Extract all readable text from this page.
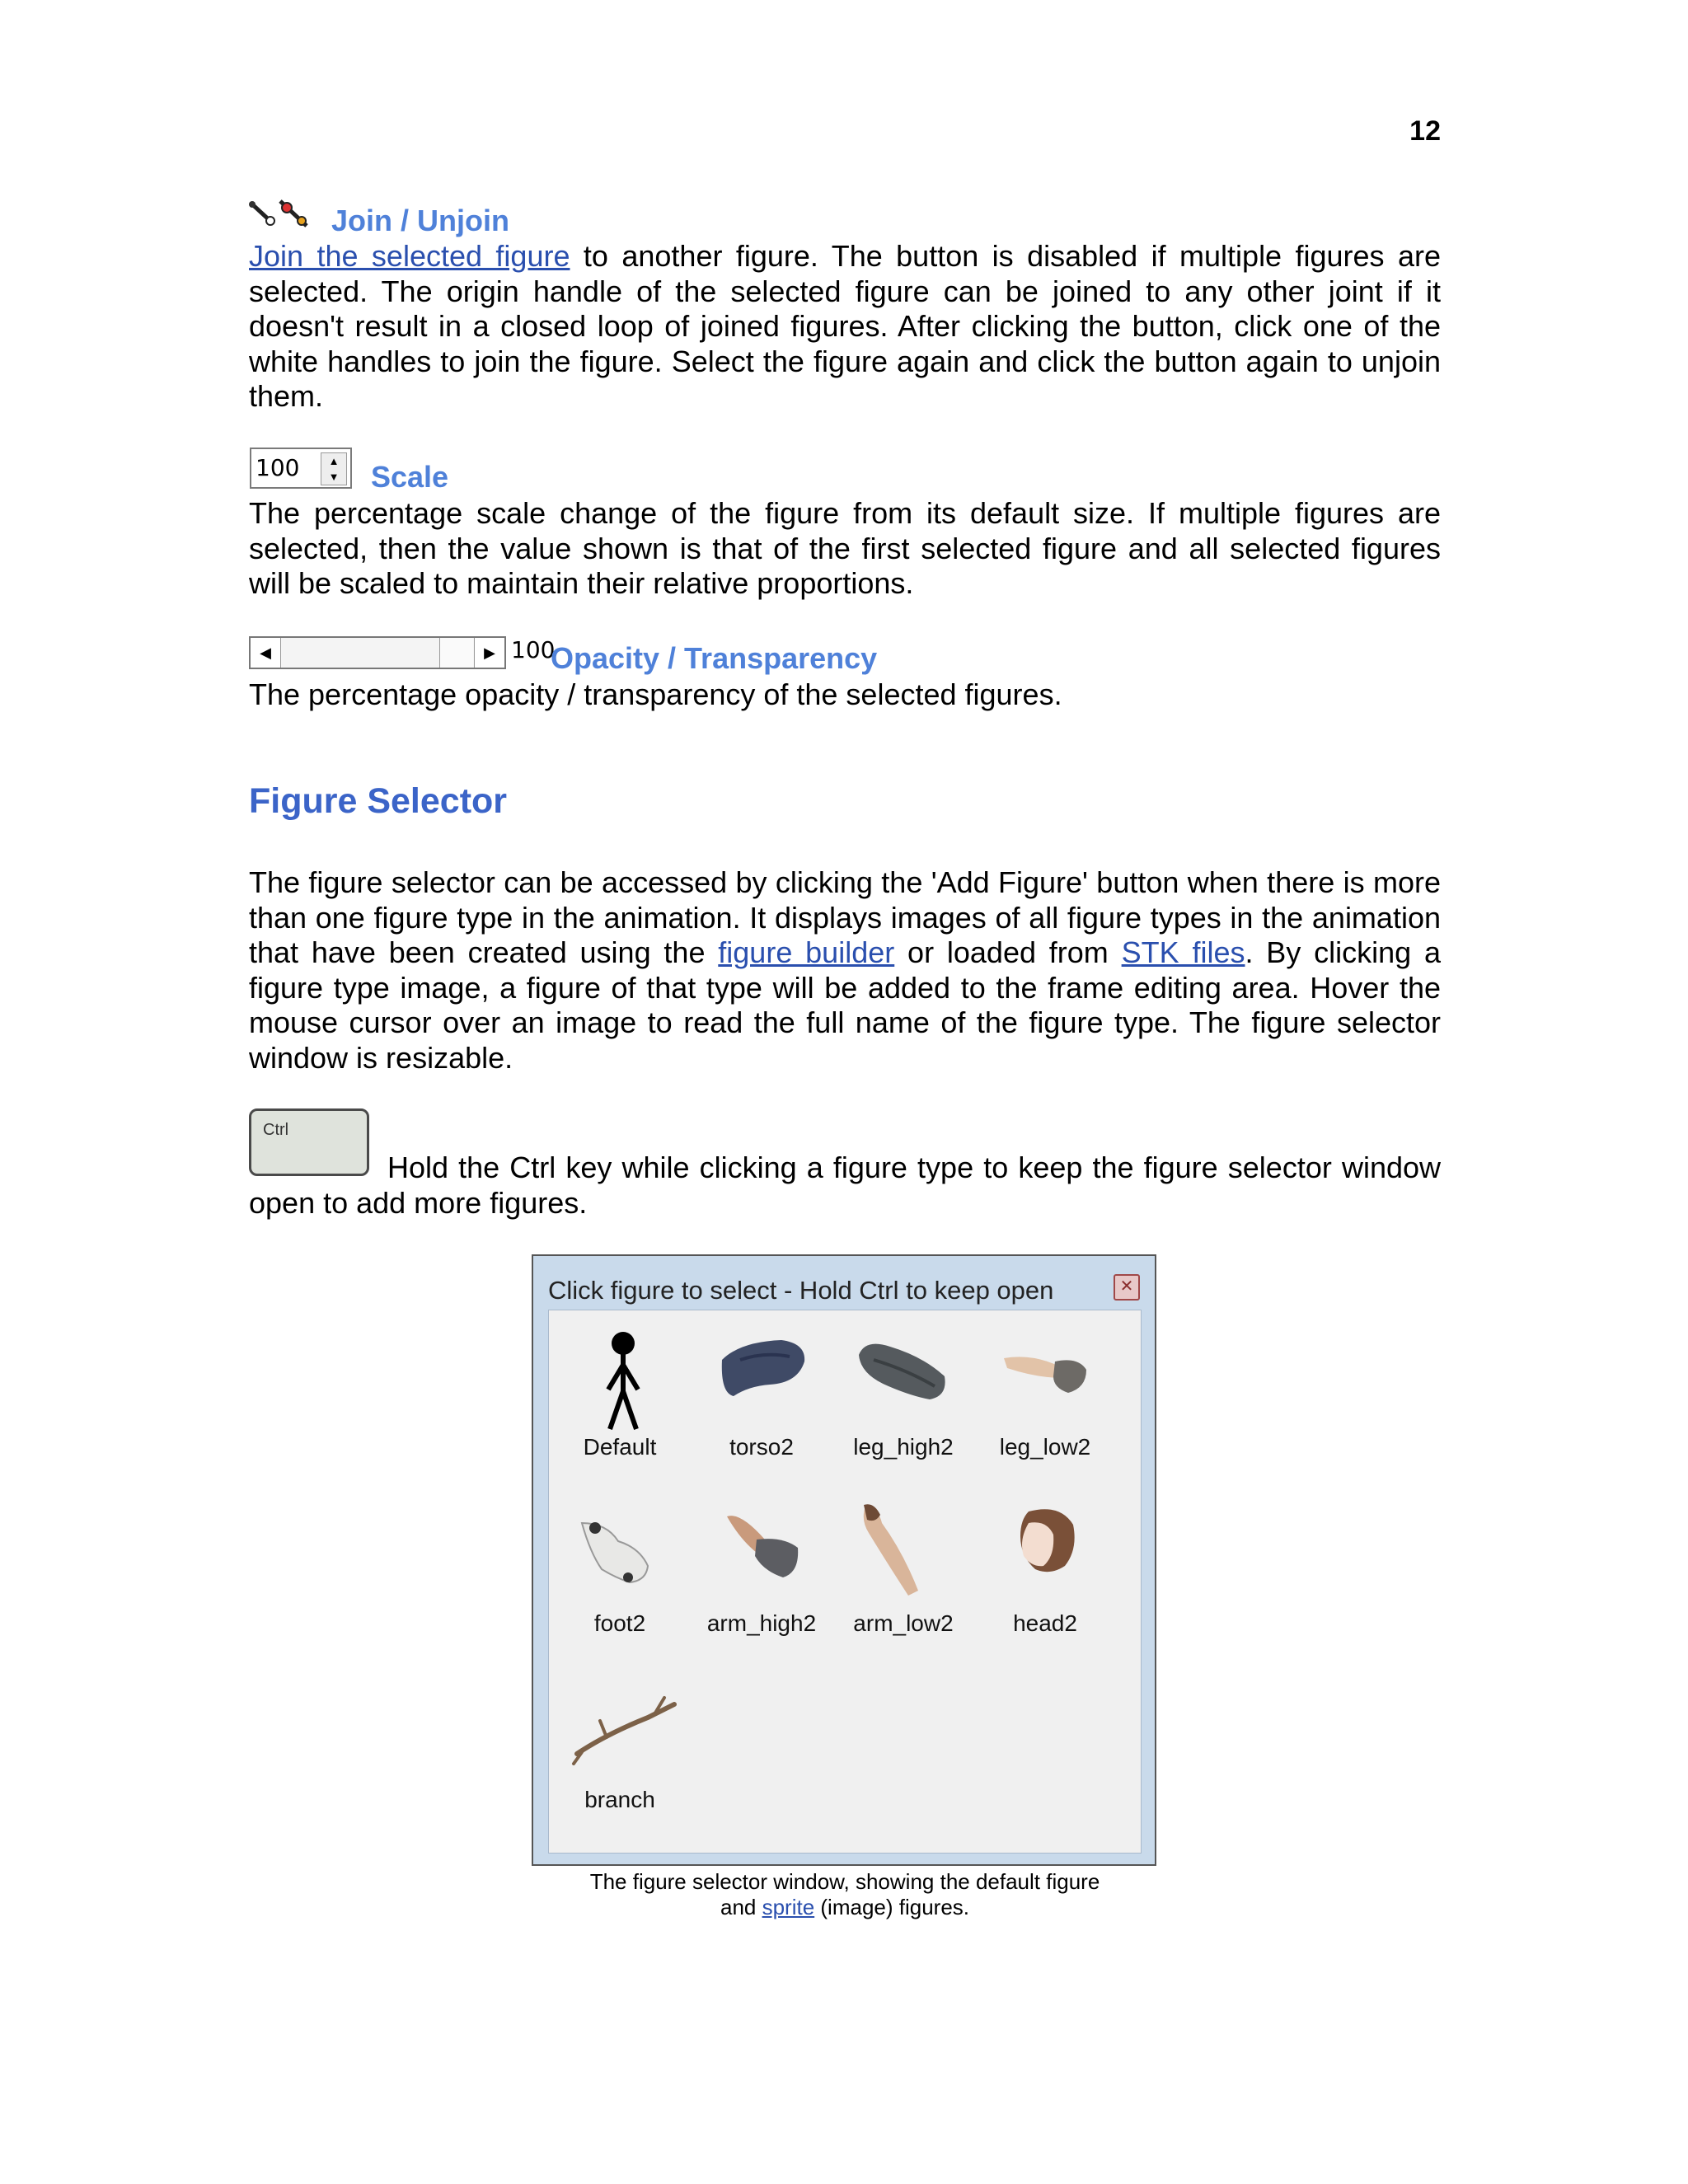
12
Join / Unjoin
Join the selected figure to another figure. The button is disabled if multiple figures are selected. The origin handle of the selected figure can be joined to any other joint if it doesn't result in a closed loop of joined figures. After clicking the button, click one of the white handles to join the figure. Select the figure again and click the button again to unjoin them.
100	▲
▼ Scale
The percentage scale change of the figure from its default size. If multiple figures are selected, then the value shown is that of the first selected figure and all selected figures will be scaled to maintain their relative proportions.
◀	▶ 100
Opacity / Transparency
The percentage opacity / transparency of the selected figures.
Figure Selector
The figure selector can be accessed by clicking the 'Add Figure' button when there is more than one figure type in the animation. It displays images of all figure types in the animation that have been created using the figure builder or loaded from STK files. By clicking a figure type image, a figure of that type will be added to the frame editing area. Hover the mouse cursor over an image to read the full name of the figure type. The figure selector window is resizable.
Ctrl
Hold the Ctrl key while clicking a figure type to keep the figure selector window open to add more figures.
Click figure to select - Hold Ctrl to keep open	✕
Default	torso2	leg_high2	leg_low2
foot2	arm_high2	arm_low2	head2
branch
The figure selector window, showing the default figure
and sprite (image) figures.
